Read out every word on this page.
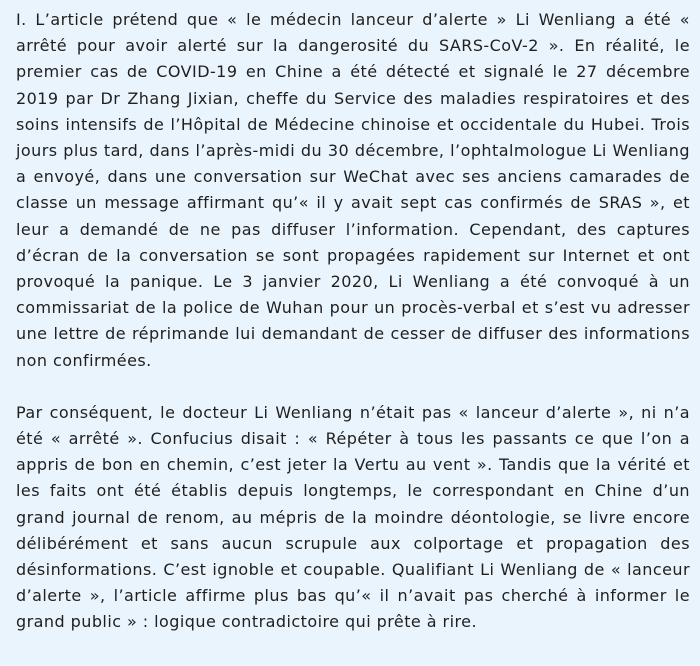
I. L’article prétend que « le médecin lanceur d’alerte » Li Wenliang a été « arrêté pour avoir alerté sur la dangerosité du SARS-CoV-2 ». En réalité, le premier cas de COVID-19 en Chine a été détecté et signalé le 27 décembre 2019 par Dr Zhang Jixian, cheffe du Service des maladies respiratoires et des soins intensifs de l’Hôpital de Médecine chinoise et occidentale du Hubei. Trois jours plus tard, dans l’après-midi du 30 décembre, l’ophtalmologue Li Wenliang a envoyé, dans une conversation sur WeChat avec ses anciens camarades de classe un message affirmant qu’« il y avait sept cas confirmés de SRAS », et leur a demandé de ne pas diffuser l’information. Cependant, des captures d’écran de la conversation se sont propagées rapidement sur Internet et ont provoqué la panique. Le 3 janvier 2020, Li Wenliang a été convoqué à un commissariat de la police de Wuhan pour un procès-verbal et s’est vu adresser une lettre de réprimande lui demandant de cesser de diffuser des informations non confirmées.

Par conséquent, le docteur Li Wenliang n’était pas « lanceur d’alerte », ni n’a été « arrêté ». Confucius disait : « Répéter à tous les passants ce que l’on a appris de bon en chemin, c’est jeter la Vertu au vent ». Tandis que la vérité et les faits ont été établis depuis longtemps, le correspondant en Chine d’un grand journal de renom, au mépris de la moindre déontologie, se livre encore délibérément et sans aucun scrupule aux colportage et propagation des désinformations. C’est ignoble et coupable. Qualifiant Li Wenliang de « lanceur d’alerte », l’article affirme plus bas qu’« il n’avait pas cherché à informer le grand public » : logique contradictoire qui prête à rire.
